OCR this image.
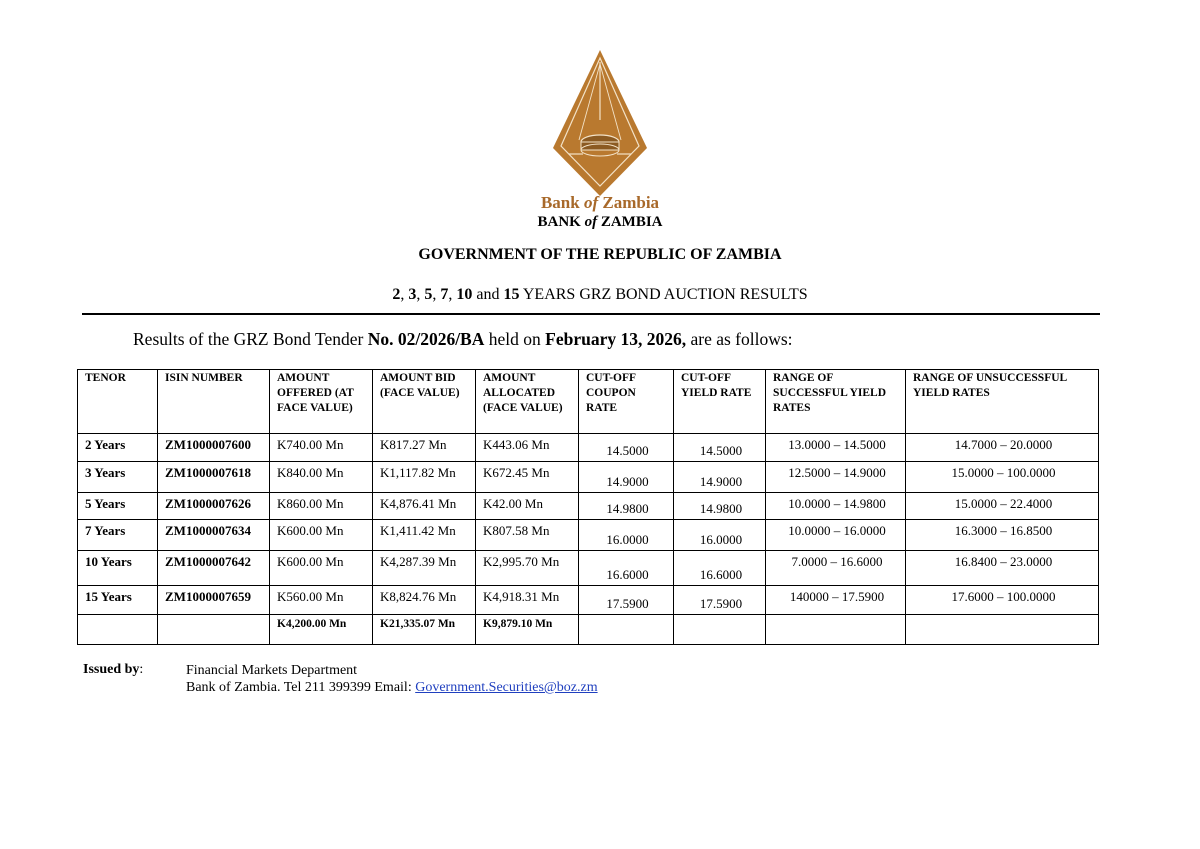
Bank of Zambia
BANK of ZAMBIA
GOVERNMENT OF THE REPUBLIC OF ZAMBIA
2, 3, 5, 7, 10 and 15 YEARS GRZ BOND AUCTION RESULTS
Results of the GRZ Bond Tender No. 02/2026/BA held on February 13, 2026, are as follows:
TENOR	ISIN NUMBER	AMOUNT OFFERED (AT FACE VALUE)	AMOUNT BID (FACE VALUE)	AMOUNT ALLOCATED (FACE VALUE)	CUT-OFF COUPON RATE	CUT-OFF YIELD RATE	RANGE OF SUCCESSFUL YIELD RATES	RANGE OF UNSUCCESSFUL YIELD RATES
2 Years	ZM1000007600	K740.00 Mn	K817.27 Mn	K443.06 Mn	14.5000	14.5000	13.0000 – 14.5000	14.7000 – 20.0000
3 Years	ZM1000007618	K840.00 Mn	K1,117.82 Mn	K672.45 Mn	14.9000	14.9000	12.5000 – 14.9000	15.0000 – 100.0000
5 Years	ZM1000007626	K860.00 Mn	K4,876.41 Mn	K42.00 Mn	14.9800	14.9800	10.0000 – 14.9800	15.0000 – 22.4000
7 Years	ZM1000007634	K600.00 Mn	K1,411.42 Mn	K807.58 Mn	16.0000	16.0000	10.0000 – 16.0000	16.3000 – 16.8500
10 Years	ZM1000007642	K600.00 Mn	K4,287.39 Mn	K2,995.70 Mn	16.6000	16.6000	7.0000 – 16.6000	16.8400 – 23.0000
15 Years	ZM1000007659	K560.00 Mn	K8,824.76 Mn	K4,918.31 Mn	17.5900	17.5900	140000 – 17.5900	17.6000 – 100.0000
		K4,200.00 Mn	K21,335.07 Mn	K9,879.10 Mn				
Issued by:	Financial Markets Department
Bank of Zambia. Tel 211 399399 Email: Government.Securities@boz.zm
